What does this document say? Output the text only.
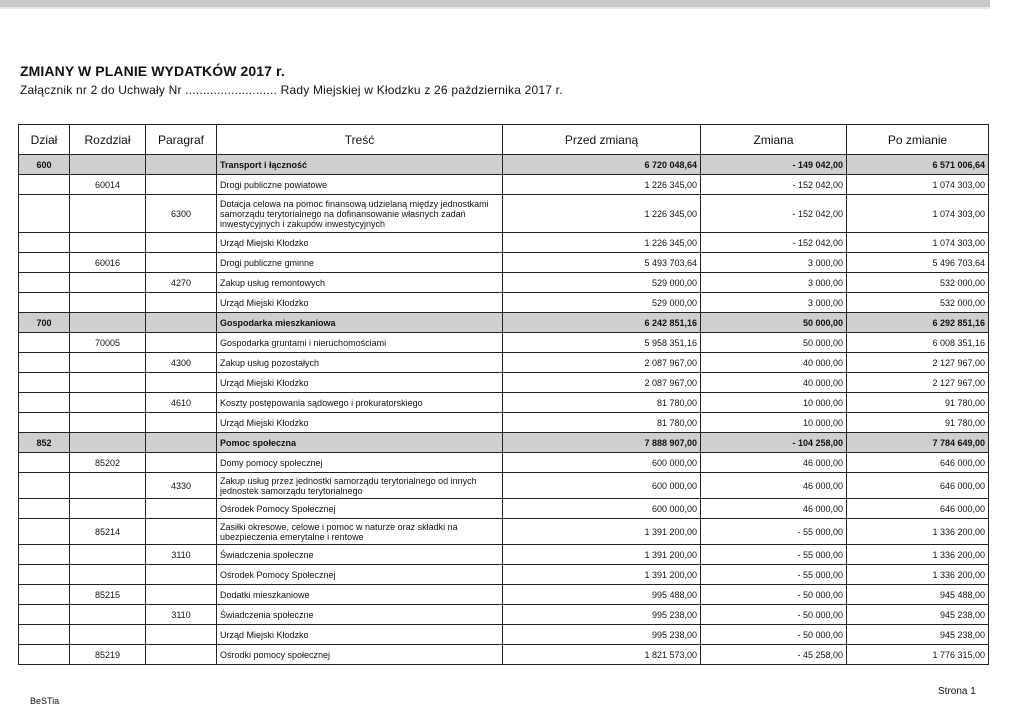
ZMIANY W PLANIE WYDATKÓW 2017 r.
Załącznik nr 2 do Uchwały Nr .......................... Rady Miejskiej w Kłodzku z 26 października 2017 r.
Dział	Rozdział	Paragraf	Treść	Przed zmianą	Zmiana	Po zmianie
600			Transport i łączność	6 720 048,64	- 149 042,00	6 571 006,64
	60014		Drogi publiczne powiatowe	1 226 345,00	- 152 042,00	1 074 303,00
		6300	Dotacja celowa na pomoc finansową udzielaną między jednostkami samorządu terytorialnego na dofinansowanie własnych zadań inwestycyjnych i zakupów inwestycyjnych	1 226 345,00	- 152 042,00	1 074 303,00
			Urząd Miejski Kłodzko	1 226 345,00	- 152 042,00	1 074 303,00
	60016		Drogi publiczne gminne	5 493 703,64	3 000,00	5 496 703,64
		4270	Zakup usług remontowych	529 000,00	3 000,00	532 000,00
			Urząd Miejski Kłodzko	529 000,00	3 000,00	532 000,00
700			Gospodarka mieszkaniowa	6 242 851,16	50 000,00	6 292 851,16
	70005		Gospodarka gruntami i nieruchomościami	5 958 351,16	50 000,00	6 008 351,16
		4300	Zakup usług pozostałych	2 087 967,00	40 000,00	2 127 967,00
			Urząd Miejski Kłodzko	2 087 967,00	40 000,00	2 127 967,00
		4610	Koszty postępowania sądowego i prokuratorskiego	81 780,00	10 000,00	91 780,00
			Urząd Miejski Kłodzko	81 780,00	10 000,00	91 780,00
852			Pomoc społeczna	7 888 907,00	- 104 258,00	7 784 649,00
	85202		Domy pomocy społecznej	600 000,00	46 000,00	646 000,00
		4330	Zakup usług przez jednostki samorządu terytorialnego od innych jednostek samorządu terytorialnego	600 000,00	46 000,00	646 000,00
			Ośrodek Pomocy Społecznej	600 000,00	46 000,00	646 000,00
	85214		Zasiłki okresowe, celowe i pomoc w naturze oraz składki na ubezpieczenia emerytalne i rentowe	1 391 200,00	- 55 000,00	1 336 200,00
		3110	Świadczenia społeczne	1 391 200,00	- 55 000,00	1 336 200,00
			Ośrodek Pomocy Społecznej	1 391 200,00	- 55 000,00	1 336 200,00
	85215		Dodatki mieszkaniowe	995 488,00	- 50 000,00	945 488,00
		3110	Świadczenia społeczne	995 238,00	- 50 000,00	945 238,00
			Urząd Miejski Kłodzko	995 238,00	- 50 000,00	945 238,00
	85219		Ośrodki pomocy społecznej	1 821 573,00	- 45 258,00	1 776 315,00
BeSTia
Strona 1
